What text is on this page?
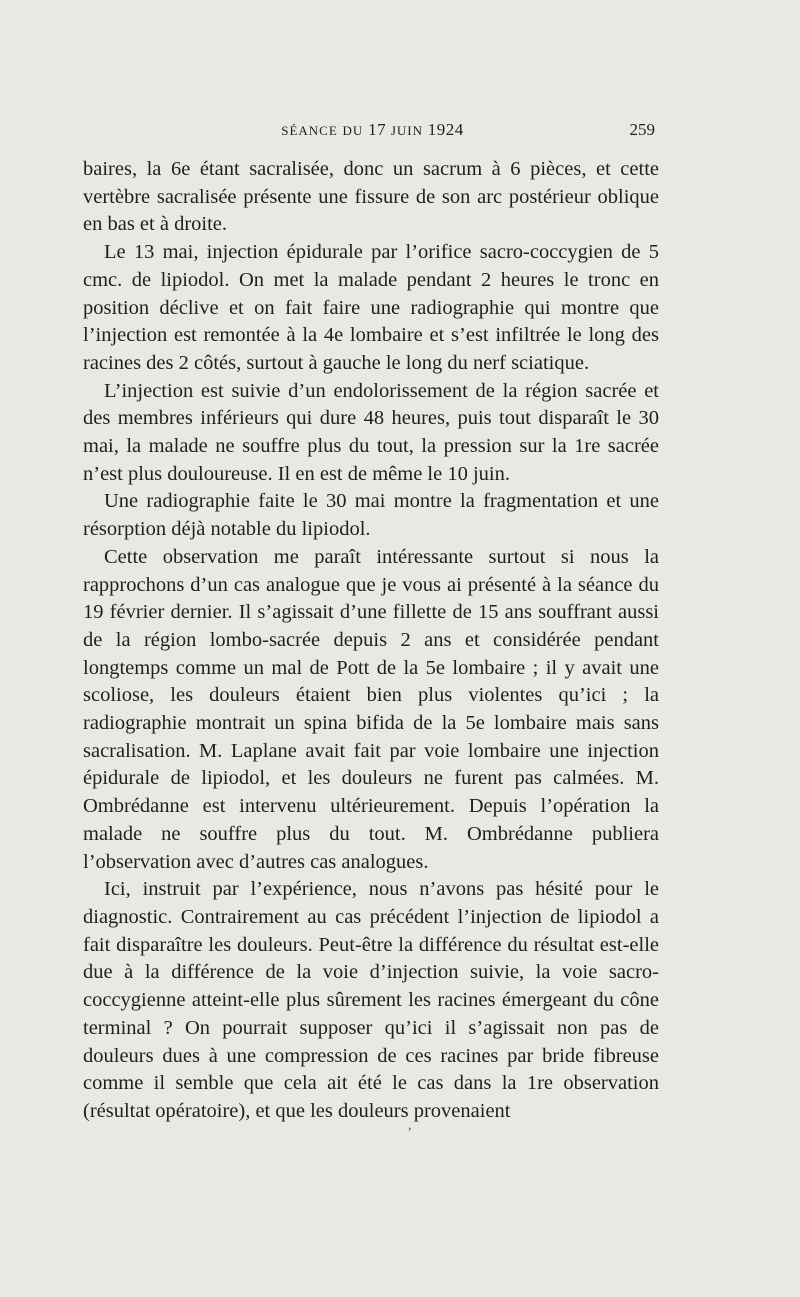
SÉANCE DU 17 JUIN 1924	259

baires, la 6e étant sacralisée, donc un sacrum à 6 pièces, et cette vertèbre sacralisée présente une fissure de son arc postérieur oblique en bas et à droite.

Le 13 mai, injection épidurale par l’orifice sacro-coccygien de 5 cmc. de lipiodol. On met la malade pendant 2 heures le tronc en position déclive et on fait faire une radiographie qui montre que l’injection est remontée à la 4e lombaire et s’est infiltrée le long des racines des 2 côtés, surtout à gauche le long du nerf sciatique.

L’injection est suivie d’un endolorissement de la région sacrée et des membres inférieurs qui dure 48 heures, puis tout disparaît le 30 mai, la malade ne souffre plus du tout, la pression sur la 1re sacrée n’est plus douloureuse. Il en est de même le 10 juin.

Une radiographie faite le 30 mai montre la fragmentation et une résorption déjà notable du lipiodol.

Cette observation me paraît intéressante surtout si nous la rapprochons d’un cas analogue que je vous ai présenté à la séance du 19 février dernier. Il s’agissait d’une fillette de 15 ans souffrant aussi de la région lombo-sacrée depuis 2 ans et considérée pendant longtemps comme un mal de Pott de la 5e lombaire ; il y avait une scoliose, les douleurs étaient bien plus violentes qu’ici ; la radiographie montrait un spina bifida de la 5e lombaire mais sans sacralisation. M. Laplane avait fait par voie lombaire une injection épidurale de lipiodol, et les douleurs ne furent pas calmées. M. Ombrédanne est intervenu ultérieurement. Depuis l’opération la malade ne souffre plus du tout. M. Ombrédanne publiera l’observation avec d’autres cas analogues.

Ici, instruit par l’expérience, nous n’avons pas hésité pour le diagnostic. Contrairement au cas précédent l’injection de lipiodol a fait disparaître les douleurs. Peut-être la différence du résultat est-elle due à la différence de la voie d’injection suivie, la voie sacro-coccygienne atteint-elle plus sûrement les racines émergeant du cône terminal ? On pourrait supposer qu’ici il s’agissait non pas de douleurs dues à une compression de ces racines par bride fibreuse comme il semble que cela ait été le cas dans la 1re observation (résultat opératoire), et que les douleurs provenaient

,
